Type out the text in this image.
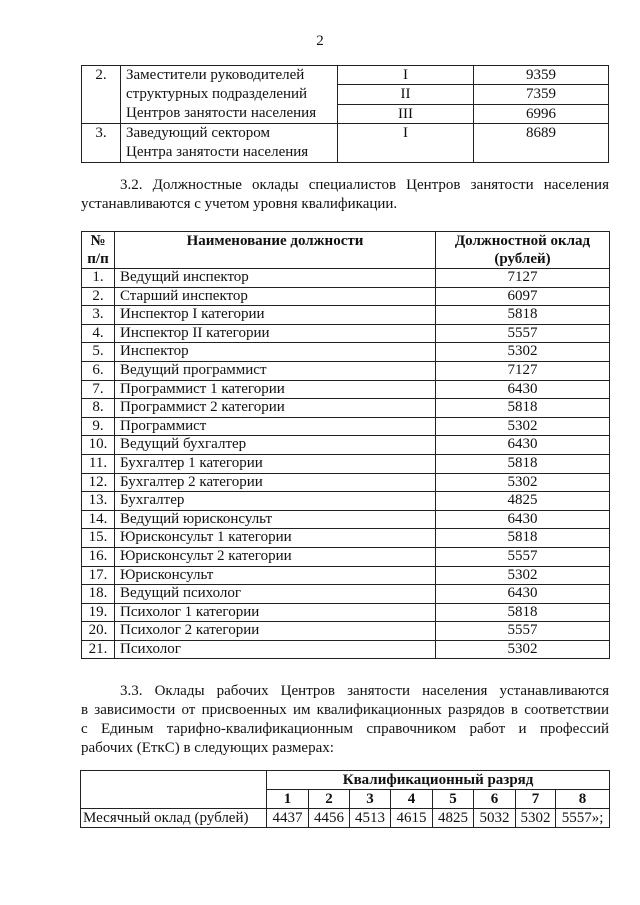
2
2.	Заместители руководителей
структурных подразделений
Центров занятости населения	I	9359
		II	7359
		III	6996
3.	Заведующий сектором
Центра занятости населения	I	8689
3.2. Должностные оклады специалистов Центров занятости населения
устанавливаются с учетом уровня квалификации.
№
п/п
	Наименование должности	Должностной оклад
(рублей)

1.	Ведущий инспектор	7127
2.	Старший инспектор	6097
3.	Инспектор I категории	5818
4.	Инспектор II категории	5557
5.	Инспектор	5302
6.	Ведущий программист	7127
7.	Программист 1 категории	6430
8.	Программист 2 категории	5818
9.	Программист	5302
10.	Ведущий бухгалтер	6430
11.	Бухгалтер 1 категории	5818
12.	Бухгалтер 2 категории	5302
13.	Бухгалтер	4825
14.	Ведущий юрисконсульт	6430
15.	Юрисконсульт 1 категории	5818
16.	Юрисконсульт 2 категории	5557
17.	Юрисконсульт	5302
18.	Ведущий психолог	6430
19.	Психолог 1 категории	5818
20.	Психолог 2 категории	5557
21.	Психолог	5302
3.3. Оклады рабочих Центров занятости населения устанавливаются
в зависимости от присвоенных им квалификационных разрядов в соответствии
с Единым тарифно-квалификационным справочником работ и профессий
рабочих (ЕткС) в следующих размерах:
	Квалификационный разряд							
	1	2	3	4	5	6	7	8
Месячный оклад (рублей)	4437	4456	4513	4615	4825	5032	5302	5557»;
